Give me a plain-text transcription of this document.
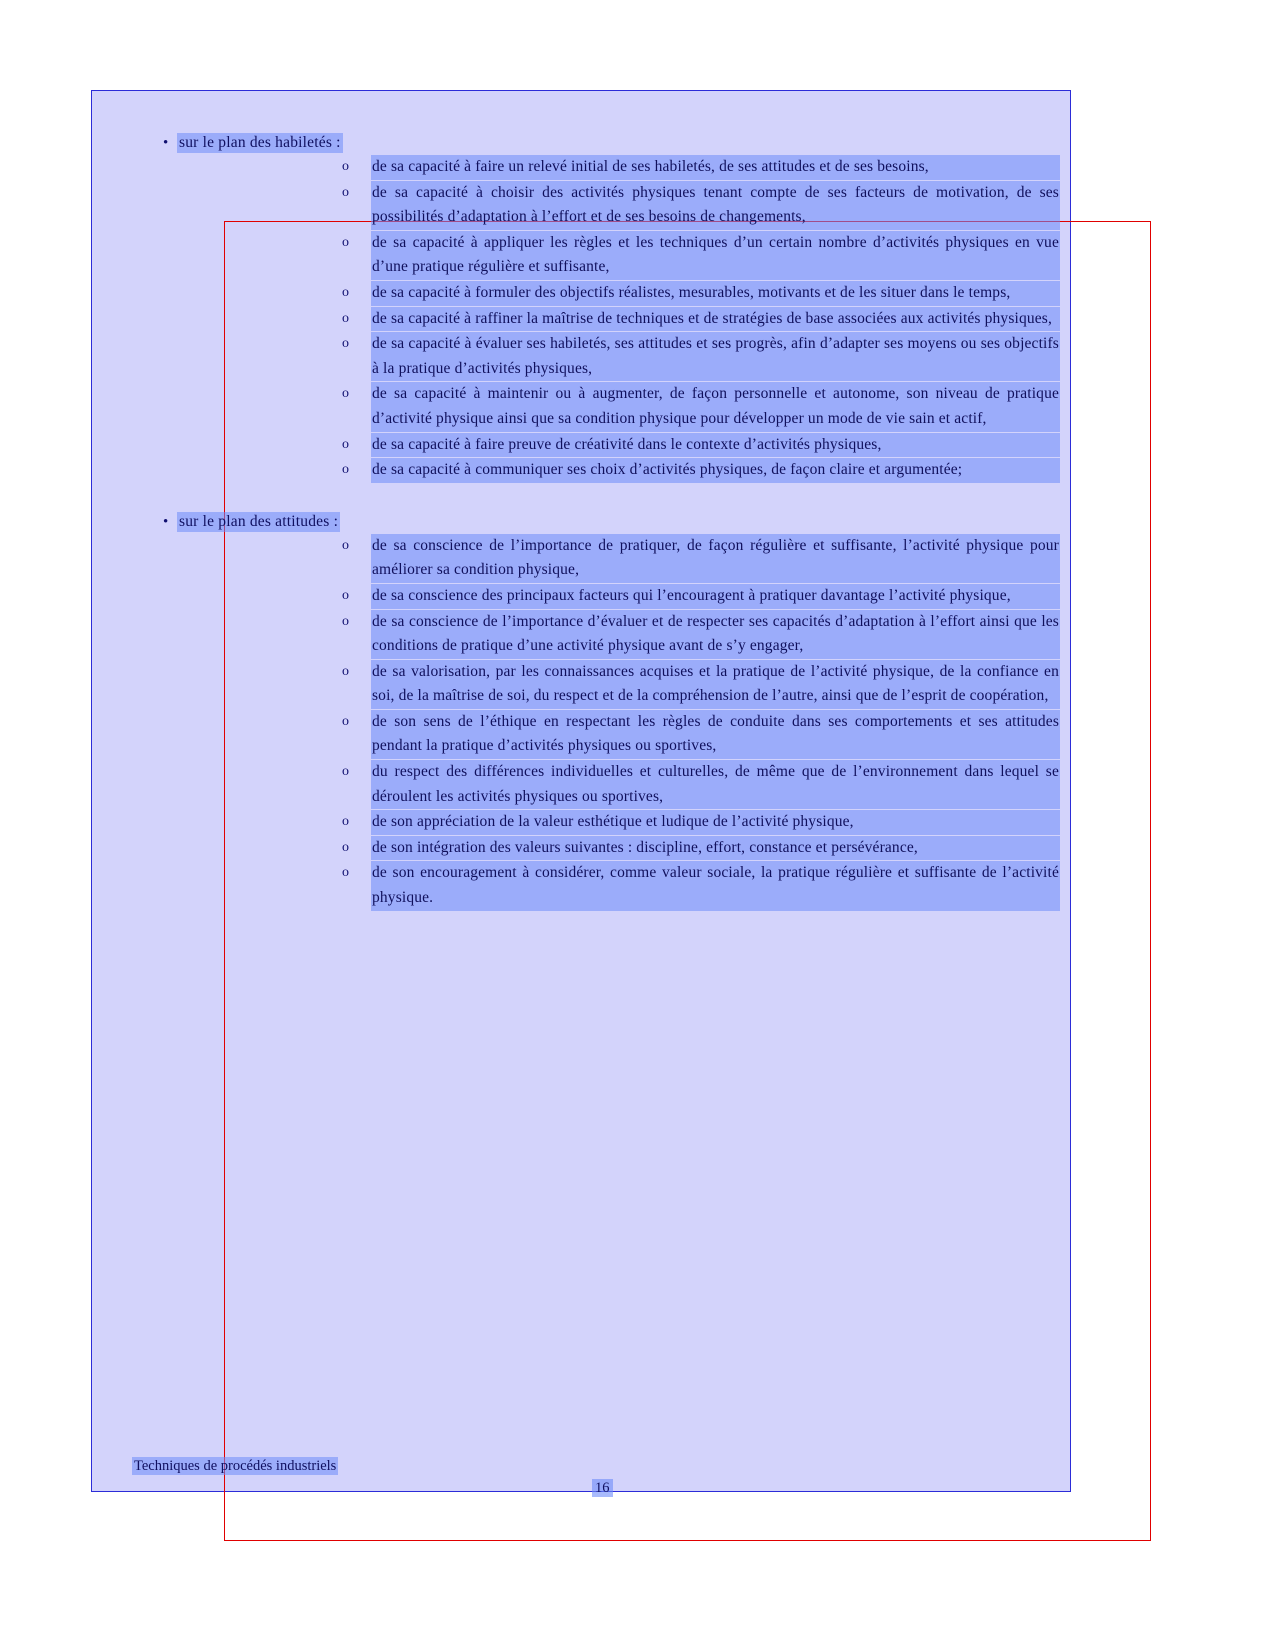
• sur le plan des habiletés :
o	de sa capacité à faire un relevé initial de ses habiletés, de ses attitudes et de ses besoins,
o	de sa capacité à choisir des activités physiques tenant compte de ses facteurs de motivation, de ses possibilités d’adaptation à l’effort et de ses besoins de changements,
o	de sa capacité à appliquer les règles et les techniques d’un certain nombre d’activités physiques en vue d’une pratique régulière et suffisante,
o	de sa capacité à formuler des objectifs réalistes, mesurables, motivants et de les situer dans le temps,
o	de sa capacité à raffiner la maîtrise de techniques et de stratégies de base associées aux activités physiques,
o	de sa capacité à évaluer ses habiletés, ses attitudes et ses progrès, afin d’adapter ses moyens ou ses objectifs à la pratique d’activités physiques,
o	de sa capacité à maintenir ou à augmenter, de façon personnelle et autonome, son niveau de pratique d’activité physique ainsi que sa condition physique pour développer un mode de vie sain et actif,
o	de sa capacité à faire preuve de créativité dans le contexte d’activités physiques,
o	de sa capacité à communiquer ses choix d’activités physiques, de façon claire et argumentée;
• sur le plan des attitudes :
o	de sa conscience de l’importance de pratiquer, de façon régulière et suffisante, l’activité physique pour améliorer sa condition physique,
o	de sa conscience des principaux facteurs qui l’encouragent à pratiquer davantage l’activité physique,
o	de sa conscience de l’importance d’évaluer et de respecter ses capacités d’adaptation à l’effort ainsi que les conditions de pratique d’une activité physique avant de s’y engager,
o	de sa valorisation, par les connaissances acquises et la pratique de l’activité physique, de la confiance en soi, de la maîtrise de soi, du respect et de la compréhension de l’autre, ainsi que de l’esprit de coopération,
o	de son sens de l’éthique en respectant les règles de conduite dans ses comportements et ses attitudes pendant la pratique d’activités physiques ou sportives,
o	du respect des différences individuelles et culturelles, de même que de l’environnement dans lequel se déroulent les activités physiques ou sportives,
o	de son appréciation de la valeur esthétique et ludique de l’activité physique,
o	de son intégration des valeurs suivantes : discipline, effort, constance et persévérance,
o	de son encouragement à considérer, comme valeur sociale, la pratique régulière et suffisante de l’activité physique.
Techniques de procédés industriels
16
